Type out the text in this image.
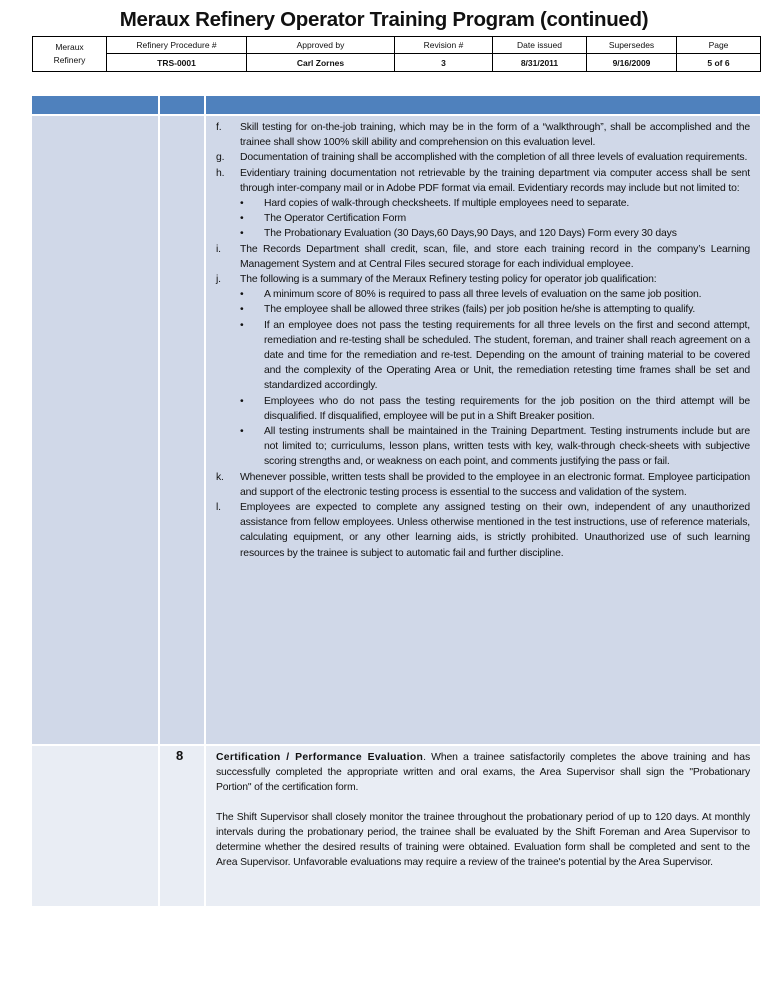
Meraux Refinery Operator Training Program (continued)
Meraux
Refinery	Refinery Procedure #	Approved by	Revision #	Date issued	Supersedes	Page
	TRS-0001	Carl Zornes	3	8/31/2011	9/16/2009	5 of 6
f. Skill testing for on-the-job training, which may be in the form of a “walkthrough”, shall be accomplished and the trainee shall show 100% skill ability and comprehension on this evaluation level.
g. Documentation of training shall be accomplished with the completion of all three levels of evaluation requirements.
h. Evidentiary training documentation not retrievable by the training department via computer access shall be sent through inter-company mail or in Adobe PDF format via email. Evidentiary records may include but not limited to:
• Hard copies of walk-through checksheets. If multiple employees need to separate.
• The Operator Certification Form
• The Probationary Evaluation (30 Days,60 Days,90 Days, and 120 Days) Form every 30 days
i. The Records Department shall credit, scan, file, and store each training record in the company’s Learning Management System and at Central Files secured storage for each individual employee.
j. The following is a summary of the Meraux Refinery testing policy for operator job qualification:
• A minimum score of 80% is required to pass all three levels of evaluation on the same job position.
• The employee shall be allowed three strikes (fails) per job position he/she is attempting to qualify.
• If an employee does not pass the testing requirements for all three levels on the first and second attempt, remediation and re-testing shall be scheduled. The student, foreman, and trainer shall reach agreement on a date and time for the remediation and re-test. Depending on the amount of training material to be covered and the complexity of the Operating Area or Unit, the remediation retesting time frames shall be set and standardized accordingly.
• Employees who do not pass the testing requirements for the job position on the third attempt will be disqualified. If disqualified, employee will be put in a Shift Breaker position.
• All testing instruments shall be maintained in the Training Department. Testing instruments include but are not limited to; curriculums, lesson plans, written tests with key, walk-through check-sheets with subjective scoring strengths and, or weakness on each point, and comments justifying the pass or fail.
k. Whenever possible, written tests shall be provided to the employee in an electronic format. Employee participation and support of the electronic testing process is essential to the success and validation of the system.
l. Employees are expected to complete any assigned testing on their own, independent of any unauthorized assistance from fellow employees. Unless otherwise mentioned in the test instructions, use of reference materials, calculating equipment, or any other learning aids, is strictly prohibited. Unauthorized use of such learning resources by the trainee is subject to automatic fail and further discipline.
8	Certification / Performance Evaluation. When a trainee satisfactorily completes the above training and has successfully completed the appropriate written and oral exams, the Area Supervisor shall sign the "Probationary Portion" of the certification form.

The Shift Supervisor shall closely monitor the trainee throughout the probationary period of up to 120 days. At monthly intervals during the probationary period, the trainee shall be evaluated by the Shift Foreman and Area Supervisor to determine whether the desired results of training were obtained. Evaluation form shall be completed and sent to the Area Supervisor. Unfavorable evaluations may require a review of the trainee's potential by the Area Supervisor.
